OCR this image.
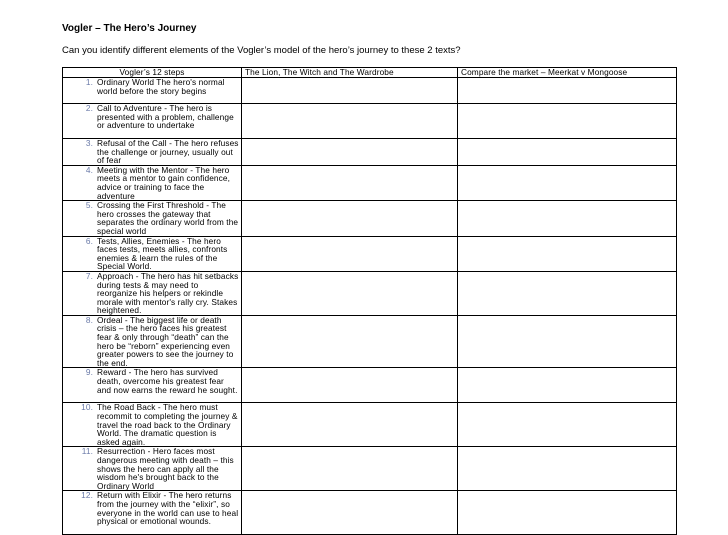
Vogler – The Hero’s Journey
Can you identify different elements of the Vogler’s model of the hero’s journey to these 2 texts?
Vogler’s 12 steps	The Lion, The Witch and The Wardrobe	Compare the market – Meerkat v Mongoose

1. Ordinary World The hero's normal world before the story begins		

2. Call to Adventure - The hero is presented with a problem, challenge or adventure to undertake		

3. Refusal of the Call - The hero refuses the challenge or journey, usually out of fear		

4. Meeting with the Mentor - The hero meets a mentor to gain confidence, advice or training to face the adventure		

5. Crossing the First Threshold - The hero crosses the gateway that separates the ordinary world from the special world		

6. Tests, Allies, Enemies - The hero faces tests, meets allies, confronts enemies & learn the rules of the Special World.		

7. Approach - The hero has hit setbacks during tests & may need to reorganize his helpers or rekindle morale with mentor's rally cry. Stakes heightened.		

8. Ordeal - The biggest life or death crisis – the hero faces his greatest fear & only through “death” can the hero be “reborn” experiencing even greater powers to see the journey to the end.		

9. Reward - The hero has survived death, overcome his greatest fear and now earns the reward he sought.		

10. The Road Back - The hero must recommit to completing the journey & travel the road back to the Ordinary World. The dramatic question is asked again.		

11. Resurrection - Hero faces most dangerous meeting with death – this shows the hero can apply all the wisdom he's brought back to the Ordinary World		

12. Return with Elixir - The hero returns from the journey with the “elixir”, so everyone in the world can use to heal physical or emotional wounds.		
